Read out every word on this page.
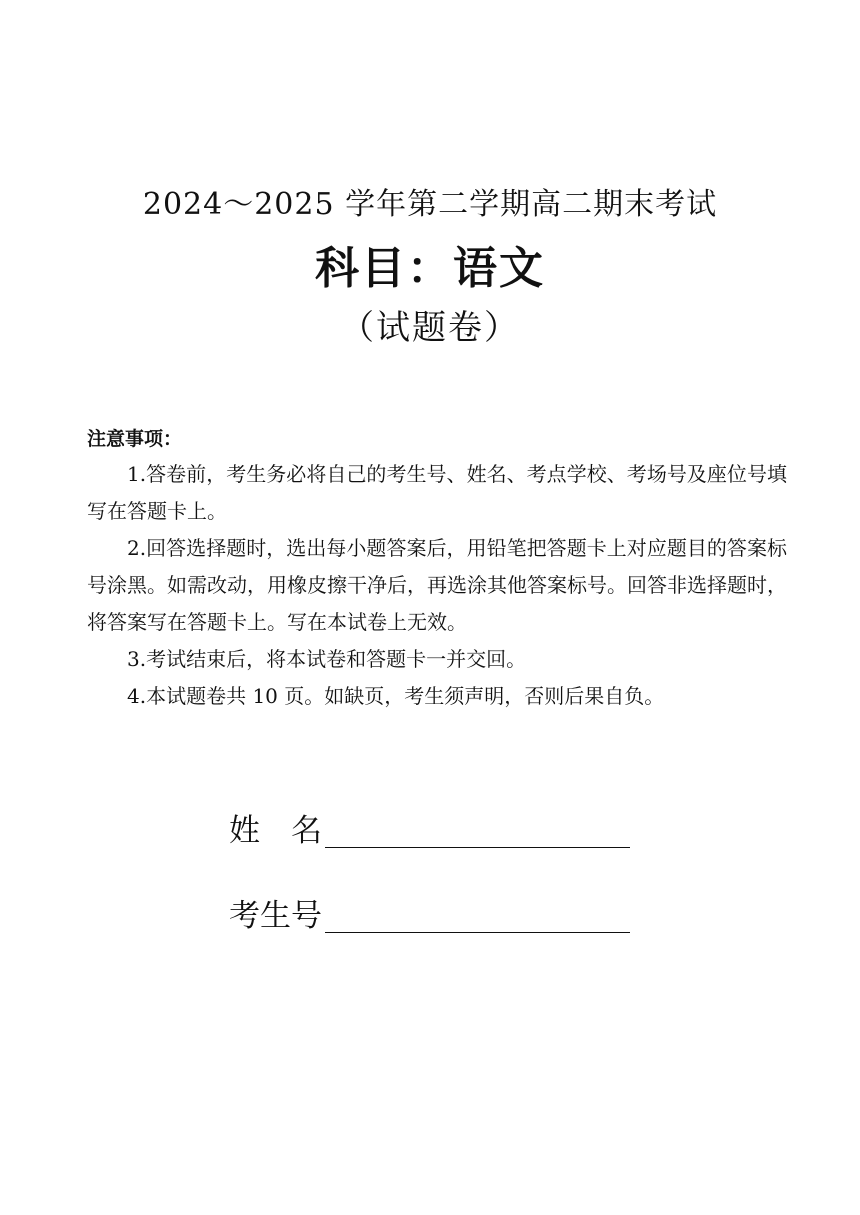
2024～2025 学年第二学期高二期末考试
科目：语文
（试题卷）
注意事项：

1.答卷前，考生务必将自己的考生号、姓名、考点学校、考场号及座位号填写在答题卡上。

2.回答选择题时，选出每小题答案后，用铅笔把答题卡上对应题目的答案标号涂黑。如需改动，用橡皮擦干净后，再选涂其他答案标号。回答非选择题时，将答案写在答题卡上。写在本试卷上无效。

3.考试结束后，将本试卷和答题卡一并交回。

4.本试题卷共 10 页。如缺页，考生须声明，否则后果自负。

姓　名
考生号
